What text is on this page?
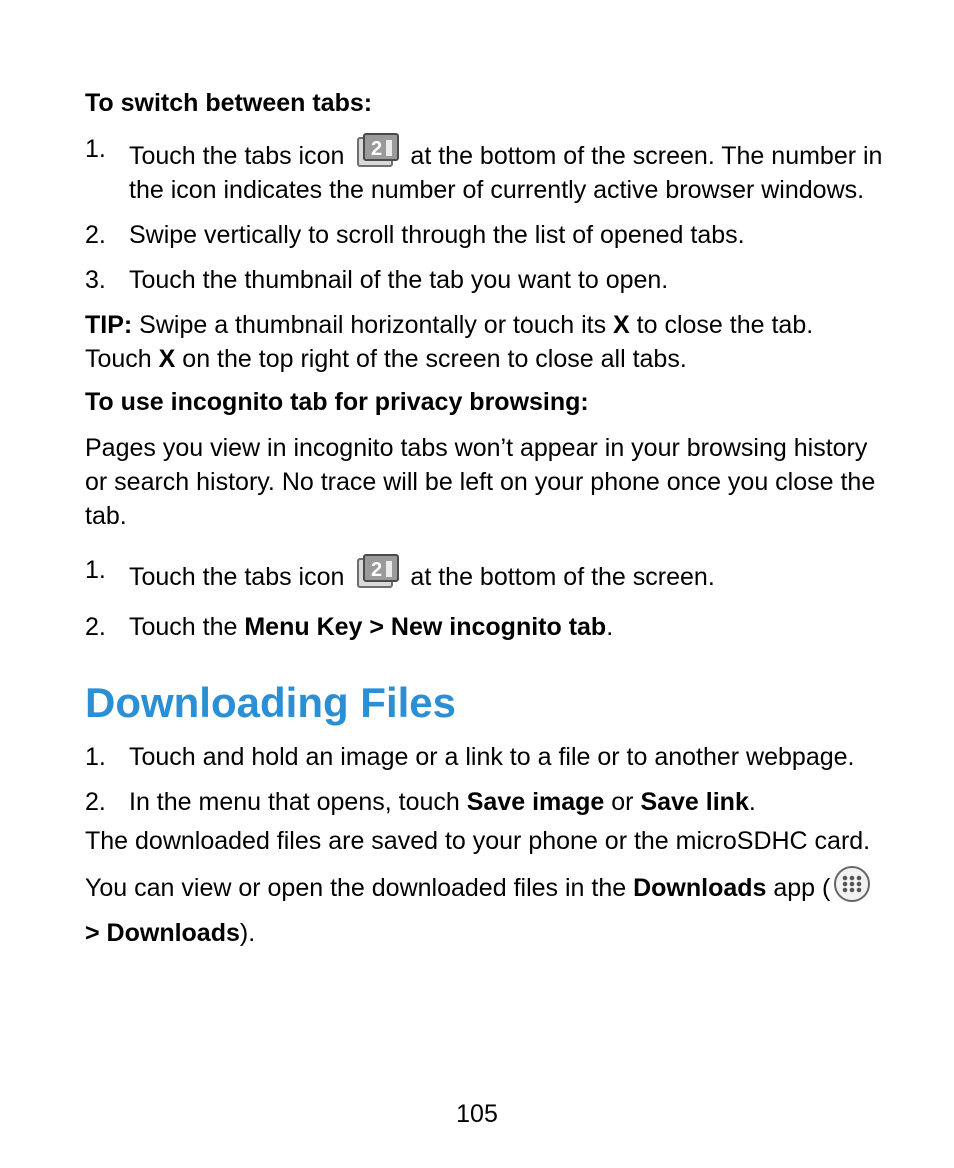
To switch between tabs:
1. Touch the tabs icon 2 at the bottom of the screen. The number in the icon indicates the number of currently active browser windows.
2. Swipe vertically to scroll through the list of opened tabs.
3. Touch the thumbnail of the tab you want to open.
TIP: Swipe a thumbnail horizontally or touch its X to close the tab. Touch X on the top right of the screen to close all tabs.
To use incognito tab for privacy browsing:
Pages you view in incognito tabs won’t appear in your browsing history or search history. No trace will be left on your phone once you close the tab.
1. Touch the tabs icon 2 at the bottom of the screen.
2. Touch the Menu Key > New incognito tab.
Downloading Files
1. Touch and hold an image or a link to a file or to another webpage.
2. In the menu that opens, touch Save image or Save link.
The downloaded files are saved to your phone or the microSDHC card. You can view or open the downloaded files in the Downloads app (> Downloads).
105
